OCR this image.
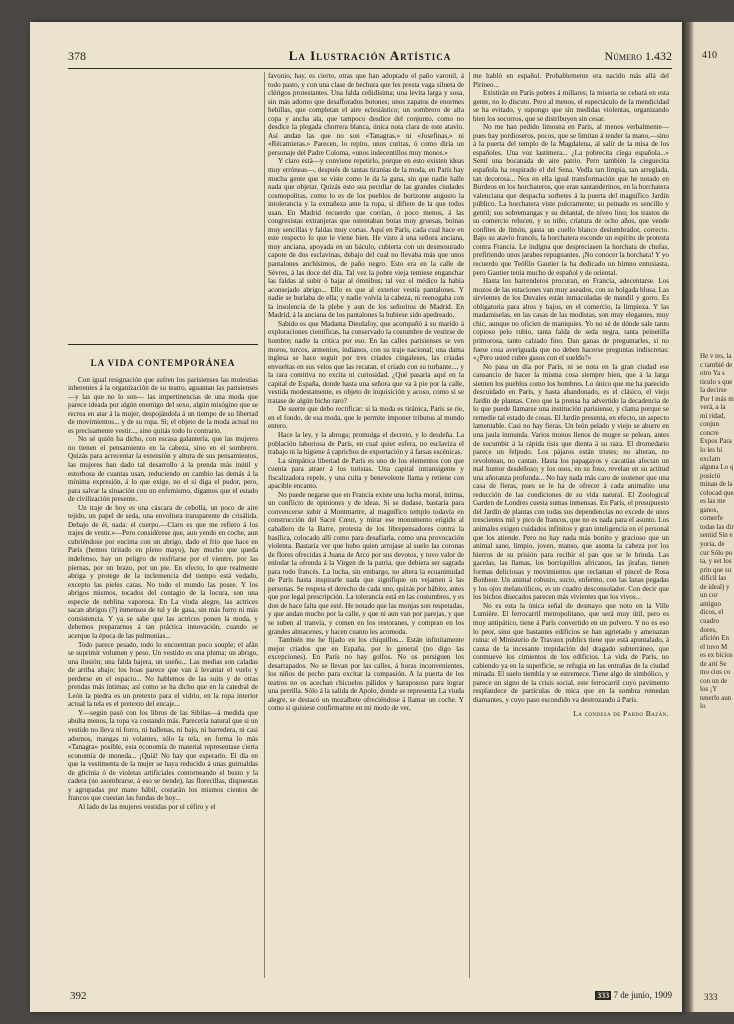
378	La Ilustración Artística	Número 1.432
LA VIDA CONTEMPORÁNEA

Con igual resignación que sufren los parisienses las molestias inherentes á la organización de su teatro, aguantan las parisienses —y las que no lo son— las impertinencias de una moda que parece ideada por algún enemigo del sexo, algún misógino que se recrea en atar á la mujer, despojándola á un tiempo de su libertad de movimientos... y de su ropa. Si; el objeto de la moda actual no es precisamente vestir..., sino quitás todo lo contrario.

No sé quién ha dicho, con escasa galantería, que las mujeres no tienen el pensamiento en la cabeza, sino en el sombrero. Quizás para acrecentar la extensión y altura de sus pensamientos, las mujeres han dado tal desarrollo á la prenda más inútil y estorbosa de cuantas usan, reduciendo en cambio las demás á la mínima expresión, á lo que exige, no el sí diga el pudor, pero, para salvar la situación con un enfemismo, digamos que el estado de civilización presente.

Un traje de hoy es una cáscara de cebolla, un poco de aire tejido, un papel de seda, una envoltura transparente de crisálida. Debajo de él, nada: el cuerpo.—Claro es que me refiero á los trajes de vestir.»—Pero considérese que, aun yendo en coche, aun cubriéndose por encima con un abrigo, dado el frío que hace en París (hemos tiritado en pleno mayo), hay mucho que queda indefenso, hay un peligro de resfriarse por el vientre, por las piernas, por un brazo, por un pie. En efecto, lo que realmente abriga y protege de la inclemencia del tiempo está vedado, excepto las pieles caras. No todo el mundo las posee. Y los abrigos mismos, tocados del contagio de la locura, son una especie de neblina vaporosa. En La viuda alegre, las actrices sacan abrigos (?) inmensos de tul y de gasa, sin más forro ni más consistencia. Y ya se sabe que las actrices ponen la moda, y debemos prepararnos á tan práctica innovación, cuando se acerque la época de las pulmonías...

Todo parece pesado, todo lo encuentran poco souple; el afán se suprimir volumen y peso. Un vestido es una pluma; un abrigo, una ilusión; una falda bajera, un sueño... Las medias son caladas de arriba abajo; los boas parece que van á levantar el vuelo y perderse en el espacio... No hablemos de las suits y de otras prendas más íntimas; así como se ha dicho que en la catedral de León la piedra es un pretexto para el vidrio, en la ropa interior actual la tela es el pretexto del encaje...

Y—según pasó con los libros de las Sibilas—á medida que abulta menos, la ropa va costando más. Parecería natural que si un vestido no lleva ni forro, ni ballenas, ni bajo, ni barredera, ni casi adornos, mangas ni volantes, sólo la tela, en forma lo más «Tanagra» posible, esta economía de material representase cierta economía de moneda... ¡Quiá! No hay que esperarlo. El día en que la vestimenta de la mujer se haya reducido á unas guirnaldas de glicinia ó de violetas artificiales contorneando el busto y la cadera (no asombrarse, á eso se tiende), las florecillas, dispuestas y agrupadas por mano hábil, costarán los mismos cientos de francos que cuestan las fundas de hoy...

Al lado de las mujeres vestidas por el céfiro y el

favonio, hay, es cierto, otras que han adoptado el paño varonil, á todo pasto, y con una clase de hechura que les presta vaga silueta de clérigos protestantes. Una falda ceñidísima; una levita larga y sosa, sin más adorno que desafforados botones; unos zapatos de enormes hebillas, que completan el aire eclesiástico; un sombrero de alta copa y ancha ala, que tampoco desdice del conjunto, como no desdice la plegada chorrera blanca, única nota clara de este atavío. Así andan las que no son «Tanagras,» ni «Josefinas,» ni «Récamieras.» Parecen, lo repito, unos curitas, ó como diría un personaje del Padre Coloma, «unos indecentillos muy monos.»

Y claro está—y conviene repetirlo, porque en esto existen ideas muy erróneas—, después de tantas tiranías de la moda, en París hay mucha gente que se viste como le da la gana, sin que nadie halle nada que objetar. Quizás esto sea peculiar de las grandes ciudades cosmopolitas, como lo es de los pueblos de horizonte angosto la intolerancia y la extrañeza ante la ropa, si difiere de la que todos usan. En Madrid recuerdo que corrían, ó poco menos, á las congresistas extranjeras que ostentaban botas muy gruesas, boinas muy sencillas y faldas muy cortas. Aquí en París, cada cual hace en este respecto lo que le viene bien. He visto á una señora anciana, muy anciana, apoyada en un báculo, cubierta con un desmesurado capote de dos esclavinas, debajo del cual no llevaba más que unos pantalones anchísimos, de paño negro. Esto era en la calle de Sèvres, á las doce del día. Tal vez la pobre vieja temiese enganchar las faldas al subir ó bajar al ómnibus; tal vez el médico la había aconsejado abrigo... Ello es que al exterior vestía pantalones. Y nadie se burlaba de ella; y nadie volvía la cabeza, ni reenogaba con la insolencia de la plebe y aun de los señoritos de Madrid. En Madrid, á la anciana de los pantalones la hubiese sido apedreado.

Sabido es que Madama Dieulafoy, que acompañó á su marido á exploraciones científicas, ha conservado la costumbre de vestirse de hombre; nadie la critica por eso. En las calles parisienses se ven moros, turcos, armenios, indianos, con su traje nacional; una dama inglesa se hace seguir por tres criados cingaleses, las criadas envueltas en sus velos que las recatan, el criado con su turbante..., y la rara comitiva no excita ni curiosidad. ¿Qué pasaría aquí en la capital de España, donde hasta una señora que va á pie por la calle, vestida modestamente, es objeto de inquisición y acoso, como si se tratase de algún bicho raro?

De suerte que debo rectificar: si la moda es tiránica, París se ríe, en el fondo, de esa moda, que le permite imponer tributos al mundo entero.

Hace la ley, y la abroga; promulga el decreto, y lo desdeña. La población laboriosa de París, en cual quier esfera, no esclaviza el trabajo ni la higiene á caprichos de exportación y á farsas escénicas.

La simpática libertad de París es uno de los elementos con que cuenta para atraer á los turistas. Una capital intransigente y fiscalizadora repele, y una culta y benevolente llama y retiene con apacible encanto.

No puede negarse que en Francia existe una lucha moral, íntima, un conflicto de opiniones y de ideas. Si se dudase, bastaría para convencerse subir á Montmartre, al magnífico templo todavía en construcción del Sacré Cœur, y mirar ese monumento erigido al caballero de la Barre, protesta de los librepensadores contra la basílica, colocado allí como para desafiarla, como una provocación violenta. Bastaría ver que hubo quien arrojase al suelo las coronas de flores ofrecidas á Juana de Arco por sus devotos, y tuvo valor de enlodar la ofrenda á la Virgen de la patria, que debiera ser sagrada para todo francés. La lucha, sin embargo, no altera la ecuanimidad de París hasta inspirarle nada que signifique un vejamen á las personas. Se respeta el derecho de cada uno, quizás por hábito, antes que por legal prescripción. La tolerancia está en las costumbres, y es don de hace falta que esté. He notado que las monjas son respetadas, y que andan mucho por la calle, y que ni aun van por parejas, y que se suben al tranvía, y comen en los restoranes, y compran en los grandes almacenes, y hacen cuanto les acomoda.

También me he fijado en los chiquillos... Están infinitamente mejor criados que en España, por lo general (no digo las excepciones). En París no hay golfos. No os persiguen los desarrapados. No se llevan por las calles, á horas inconvenientes, los niños de pecho para excitar la compasión. A la puerta de los teatros no os acechan chicuelos pálidos y harapososo para lograr una perrilla. Sólo á la salida de Apolo, donde se representa La viuda alegre, se destacó un mozalbete ofreciéndose á llamar un coche. Y como si quisiese confirmarme en mi modo de ver,

me habló en español. Probablemente era nacido más allá del Pirineo...

Existirán en París pobres á millares; la miseria se cebará en esta gente, no lo discuto. Pero al menos, el espectáculo de la mendicidad se ha evitado, y supongo que sin medidas violentas, organizando bien los socorros, que se distribuyen sin cesar.

No me han pedido limosna en París, al menos verbalmente—pues hay pordioseros, pocos, que se limitan á tender la mano,—sino á la puerta del templo de la Magdalena, al salir de la misa de los españoles. Una voz lastimera... ¿La pobrecita ciega española...» Sentí una bocanada de aire patrio. Pero también la cieguecita española ha respirado el del Sena. Vedla tan limpia, tan arreglada, tan decorosa... Nos en ella igual transformación que he notado en Burdeos en los horchateros, que eran santanderinos, en la horchatera valenciana que despacha sorbetes á la puerta del magnífico Jardín público. La horchatera viste pulcramente; su peinado es sencillo y gentil; sus sobremangas y su delantal, de níveo lino; los trastos de su comercio relucen, y su niño, criatura de ocho años, que vende confites de limón, gasta un cuello blanco deslumbrador, correcto. Bajo su atavío francés, la horchatera esconde un espíritu de protesta contra Francia. Le indigna que despreciasen la horchata de chufas, prefiriendo unos jarabes repugnantes. ¡No conocer la horchata! Y yo recuerdo que Teófilo Gautier la ha dedicado un himno entusiasta, pero Gautier tenía mucho de español y de oriental.

Hasta los barrenderos procuran, en Francia, adecentarse. Los mozos de las estaciones van muy aseados, con su holgada blusa. Las sirvientes de los Duvales están inmaculadas de mandil y gorro. Es obligatoria para altos y bajos, en el comercio, la limpieza. Y las madamiselas, en las casas de las modistas, son muy elegantes, muy chic, aunque no oficien de maniquíes. Yo no sé de dónde sale tanto copioso pelo rubio, tanta falda de seda negra, tanta peinetilla primorosa, tanto calzado fino. Dan ganas de preguntarles, si no fuese cosa averiguada que no deben hacerse preguntas indiscretas: «¿Pero usted cubre gasos con el sueldo?»

No pasa un día por París, ni se nota en la gran ciudad ese cansancio de hacer la misma cosa siempre bien, que á la larga sienten los pueblos como los hombres. Lo único que me ha parecido descuidado en París, y hasta abandonado, es el clásico, el viejo Jardín de plantas. Creo que la prensa ha advertido la decadencia de lo que puede llamarse una institución parisiense, y clama porque se remedie tal estado de cosas. El Jardín presenta, en efecto, un aspecto lamentable. Casi no hay fieras. Un león pelado y viejo se aburre en una jaula inmunda. Varios monos llenos de mugre se pelean, antes de sucumbir á la rápida tisis que dienta á su raza. El dromedario parece un felpudo. Los pájaros están tristes; no alteran, no revolotean, no cantan. Hasta los papagayos y cacatúas afectan un mal humor desdeñoso; y los osos, en su foso, revelan en su actitud una añoranza profunda... No hay nada más caro de sostener que una casa de fieras, pues se le ha de ofrecer á cada animalito una reducción de las condiciones de su vida natural. El Zoological Garden de Londres cuesta sumas inmensas. En París, el presupuesto del Jardín de plantas con todas sus dependencias no excede de unos trescientos mil y pico de francos, que no es nada para el asunto. Los animales exigen cuidados infinitos y gran inteligencia en el personal que los atiende. Pero no hay nada más bonito y gracioso que un animal sano, limpio, joven, manso, que asoma la cabeza por los hierros de su prisión para recibir el pan que se le brinda. Las gacelas, las llamas, los borriquillos africanos, las jirafas, tienen formas deliciosas y movimientos que reclaman el pincel de Rosa Bonheur. Un animal robusto, sucio, enfermo, con las lanas pegadas y los ojos melancólicos, es un cuadro desconsolador. Con decir que los bichos disecados parecen más vivientes que los vivos...

No es esta la única señal de desmayo que noto en la Ville Lumière. El ferrocarril metropolitano, que será muy útil, pero es muy antipático, tiene á París convertido en un polvero. Y no es eso lo peor, sino que bastantes edificios se han agrietado y amenazan ruina: el Ministerio de Travaux publics tiene que está apuntalado, á causa de la incesante trepidación del dragado subterráneo, que conmueve los cimientos de los edificios. La vida de París, no cabiendo ya en la superficie, se refugia en las entrañas de la ciudad minada. El suelo tiembla y se estremece. Tiene algo de simbólico, y parece un signo de la crisis social, este ferrocarril cuyo pavimento resplandece de partículas de mica que en la sombra remedan diamantes, y cuyo paso escondido va destrozando á París.

La condesa de Pardo Bazán.
392	333 7 de junio, 1909
410
He v tes, la c tambié de otro Ya s ticulo s que la decirse Por l más m verá, a la mi ridad, conjun concre Expos Para lo les hi exclam alguna Lo q posició minan de la colocad que es las me ganos, comerfe todas las dir sentid Sin e yoria, de cur Sólo pu ta, y set los prin que su difícil las de ideal) y un cor antiguo dicos, el cuadro dores, afición En el tuvo M es ex bicios de artí Se mo cios co con un de los ¡Y tenerlo aun lo
333
